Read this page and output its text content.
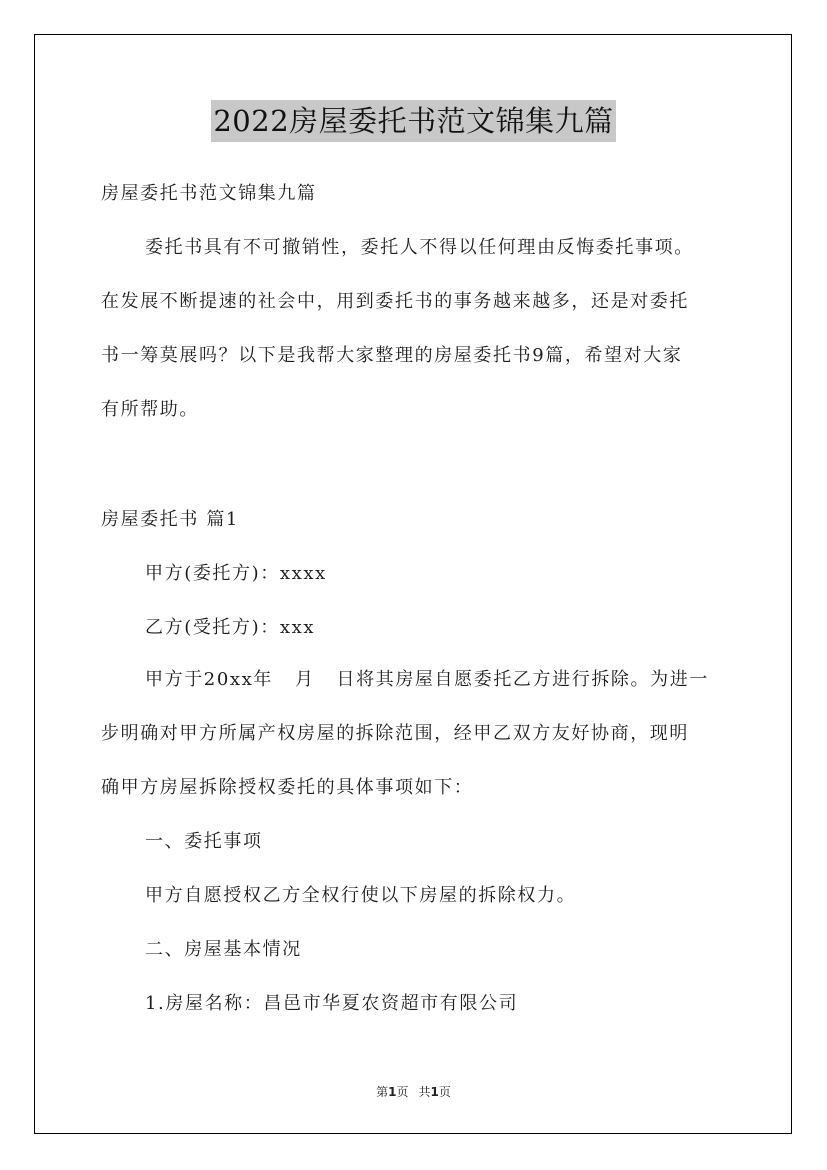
2022房屋委托书范文锦集九篇
房屋委托书范文锦集九篇
委托书具有不可撤销性，委托人不得以任何理由反悔委托事项。
在发展不断提速的社会中，用到委托书的事务越来越多，还是对委托
书一筹莫展吗？以下是我帮大家整理的房屋委托书9篇，希望对大家
有所帮助。
房屋委托书 篇1
甲方(委托方)：xxxx
乙方(受托方)：xxx
甲方于20xx年   月   日将其房屋自愿委托乙方进行拆除。为进一
步明确对甲方所属产权房屋的拆除范围，经甲乙双方友好协商，现明
确甲方房屋拆除授权委托的具体事项如下：
一、委托事项
甲方自愿授权乙方全权行使以下房屋的拆除权力。
二、房屋基本情况
1.房屋名称：昌邑市华夏农资超市有限公司
第1页 共1页
